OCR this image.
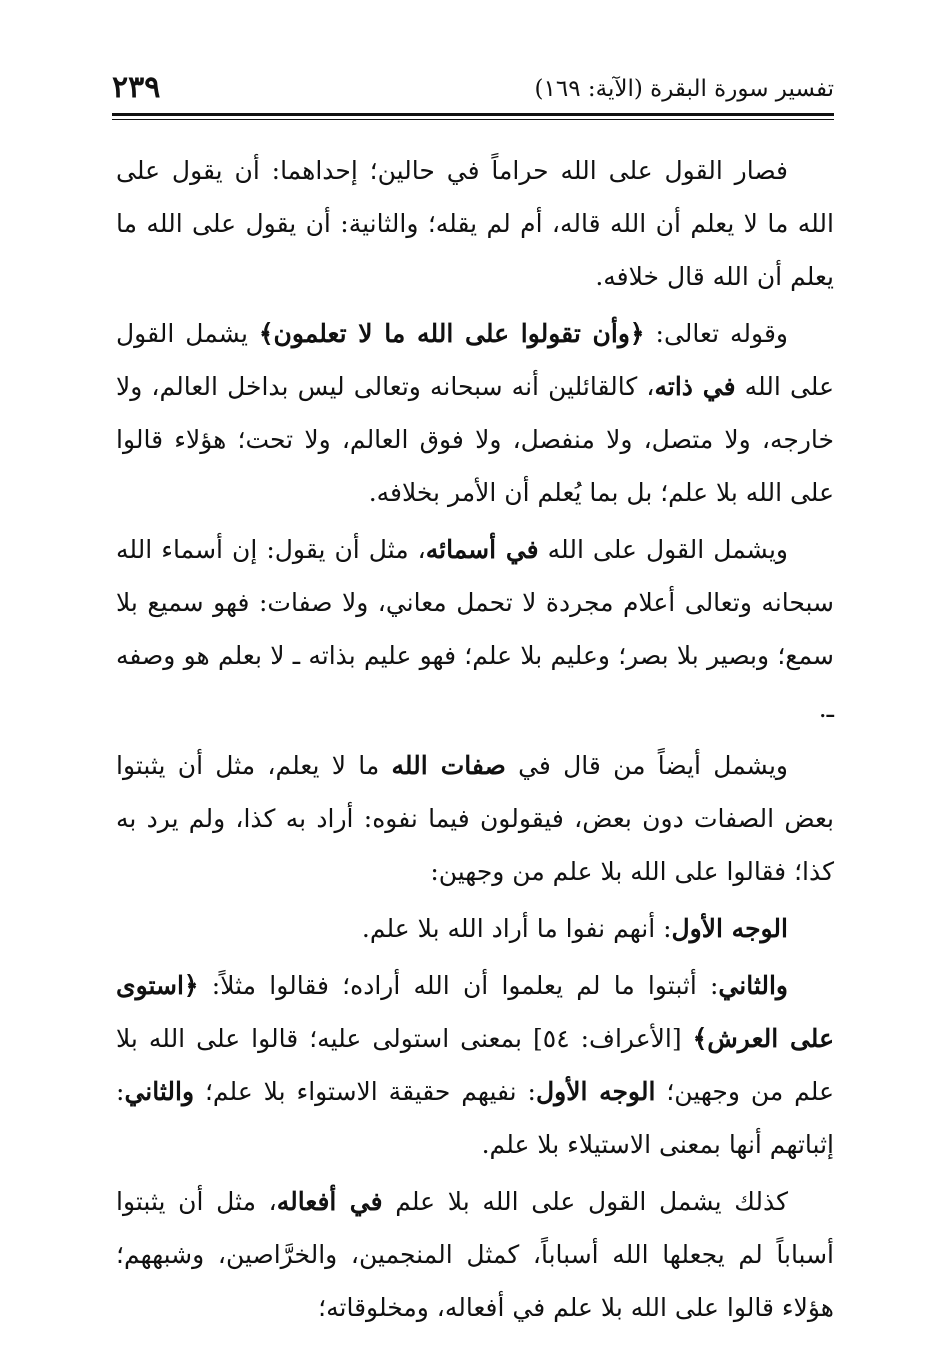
تفسير سورة البقرة (الآية: ١٦٩)
٢٣٩

فصار القول على الله حراماً في حالين؛ إحداهما: أن يقول على الله ما لا يعلم أن الله قاله، أم لم يقله؛ والثانية: أن يقول على الله ما يعلم أن الله قال خلافه.

وقوله تعالى: ﴿وأن تقولوا على الله ما لا تعلمون﴾ يشمل القول على الله في ذاته، كالقائلين أنه سبحانه وتعالى ليس بداخل العالم، ولا خارجه، ولا متصل، ولا منفصل، ولا فوق العالم، ولا تحت؛ هؤلاء قالوا على الله بلا علم؛ بل بما يُعلم أن الأمر بخلافه.

ويشمل القول على الله في أسمائه، مثل أن يقول: إن أسماء الله سبحانه وتعالى أعلام مجردة لا تحمل معاني، ولا صفات: فهو سميع بلا سمع؛ وبصير بلا بصر؛ وعليم بلا علم؛ فهو عليم بذاته ـ لا بعلم هو وصفه ـ.

ويشمل أيضاً من قال في صفات الله ما لا يعلم، مثل أن يثبتوا بعض الصفات دون بعض، فيقولون فيما نفوه: أراد به كذا، ولم يرد به كذا؛ فقالوا على الله بلا علم من وجهين:

الوجه الأول: أنهم نفوا ما أراد الله بلا علم.

والثاني: أثبتوا ما لم يعلموا أن الله أراده؛ فقالوا مثلاً: ﴿استوى على العرش﴾ [الأعراف: ٥٤] بمعنى استولى عليه؛ قالوا على الله بلا علم من وجهين؛ الوجه الأول: نفيهم حقيقة الاستواء بلا علم؛ والثاني: إثباتهم أنها بمعنى الاستيلاء بلا علم.

كذلك يشمل القول على الله بلا علم في أفعاله، مثل أن يثبتوا أسباباً لم يجعلها الله أسباباً، كمثل المنجمين، والخرَّاصين، وشبههم؛ هؤلاء قالوا على الله بلا علم في أفعاله، ومخلوقاته؛
